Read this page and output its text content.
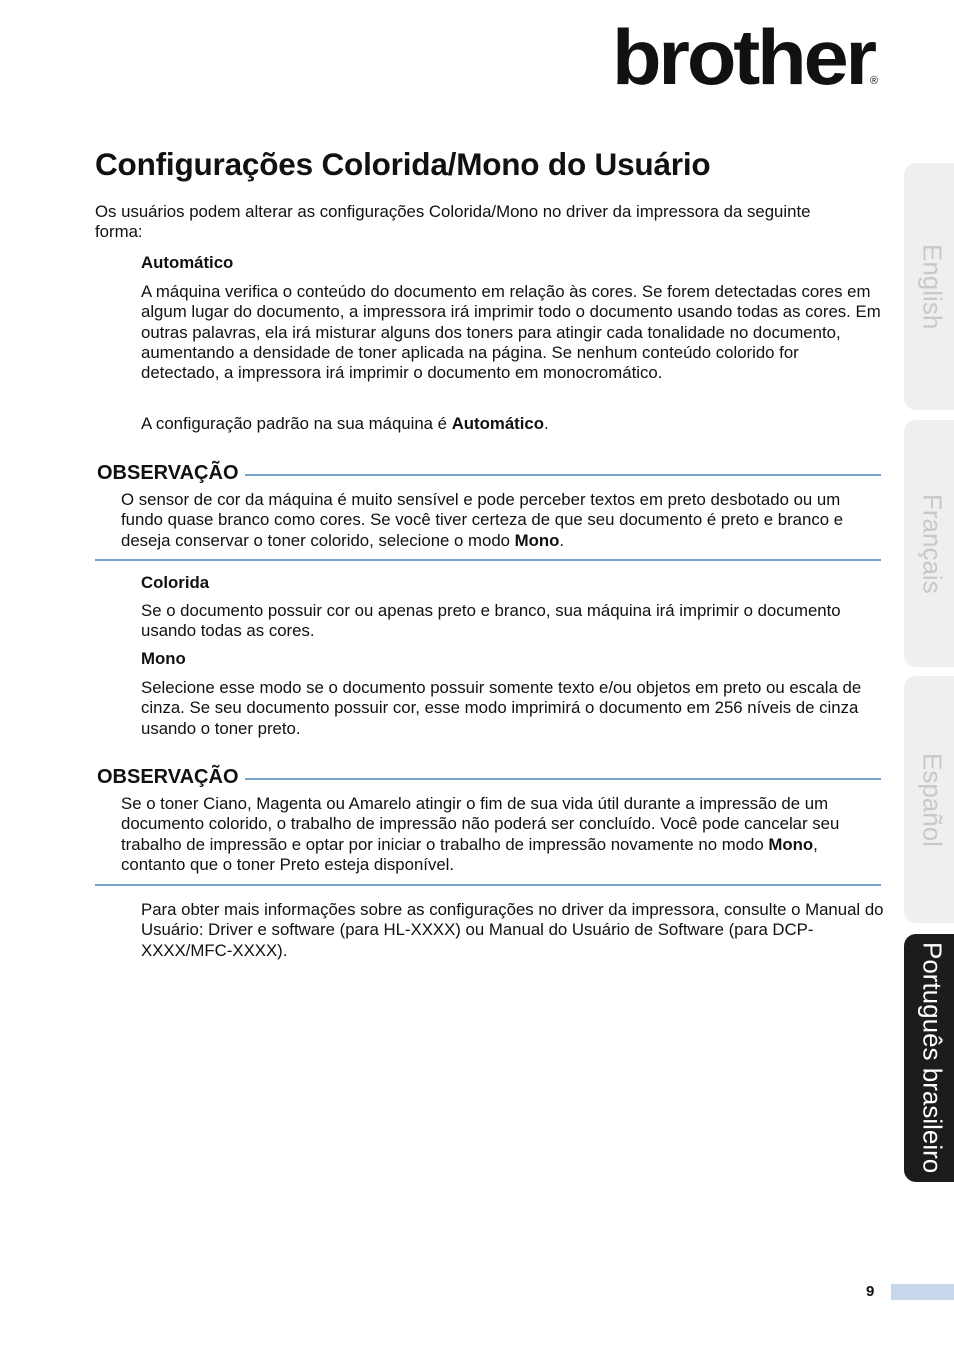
brother
®
Configurações Colorida/Mono do Usuário

Os usuários podem alterar as configurações Colorida/Mono no driver da impressora da seguinte forma:

Automático

A máquina verifica o conteúdo do documento em relação às cores. Se forem detectadas cores em algum lugar do documento, a impressora irá imprimir todo o documento usando todas as cores. Em outras palavras, ela irá misturar alguns dos toners para atingir cada tonalidade no documento, aumentando a densidade de toner aplicada na página. Se nenhum conteúdo colorido for detectado, a impressora irá imprimir o documento em monocromático.

A configuração padrão na sua máquina é Automático.

OBSERVAÇÃO

O sensor de cor da máquina é muito sensível e pode perceber textos em preto desbotado ou um fundo quase branco como cores. Se você tiver certeza de que seu documento é preto e branco e deseja conservar o toner colorido, selecione o modo Mono.

Colorida

Se o documento possuir cor ou apenas preto e branco, sua máquina irá imprimir o documento usando todas as cores.

Mono

Selecione esse modo se o documento possuir somente texto e/ou objetos em preto ou escala de cinza. Se seu documento possuir cor, esse modo imprimirá o documento em 256 níveis de cinza usando o toner preto.

OBSERVAÇÃO

Se o toner Ciano, Magenta ou Amarelo atingir o fim de sua vida útil durante a impressão de um documento colorido, o trabalho de impressão não poderá ser concluído. Você pode cancelar seu trabalho de impressão e optar por iniciar o trabalho de impressão novamente no modo Mono, contanto que o toner Preto esteja disponível.

Para obter mais informações sobre as configurações no driver da impressora, consulte o Manual do Usuário: Driver e software (para HL-XXXX) ou Manual do Usuário de Software (para DCP-XXXX/MFC-XXXX).

English
Français
Español
Português brasileiro
9
